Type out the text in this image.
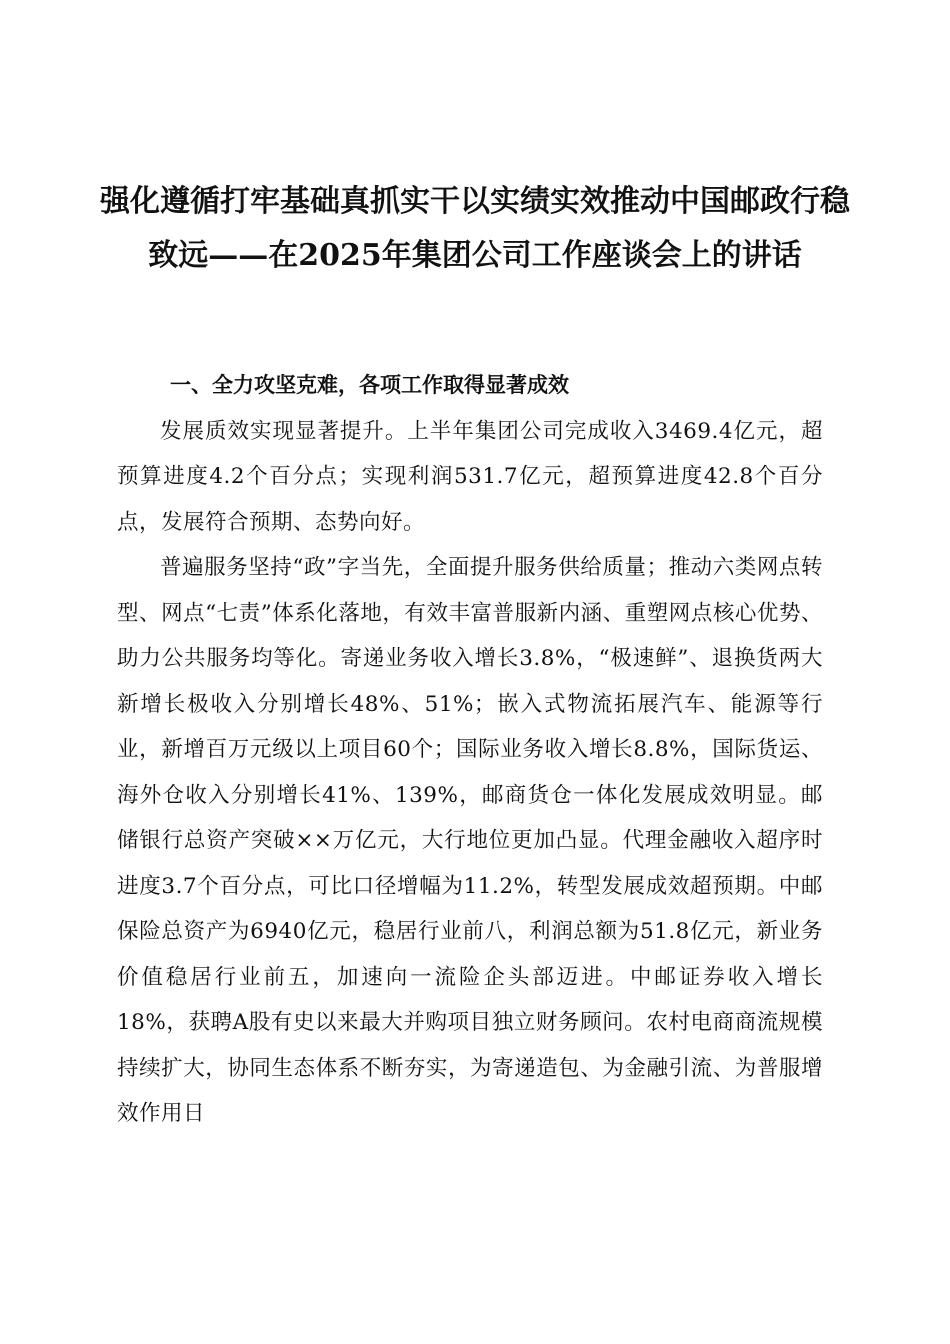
强化遵循打牢基础真抓实干以实绩实效推动中国邮政行稳致远——在2025年集团公司工作座谈会上的讲话
一、全力攻坚克难，各项工作取得显著成效

发展质效实现显著提升。上半年集团公司完成收入3469.4亿元，超预算进度4.2个百分点；实现利润531.7亿元，超预算进度42.8个百分点，发展符合预期、态势向好。

普遍服务坚持“政”字当先，全面提升服务供给质量；推动六类网点转型、网点“七责”体系化落地，有效丰富普服新内涵、重塑网点核心优势、助力公共服务均等化。寄递业务收入增长3.8%，“极速鲜”、退换货两大新增长极收入分别增长48%、51%；嵌入式物流拓展汽车、能源等行业，新增百万元级以上项目60个；国际业务收入增长8.8%，国际货运、海外仓收入分别增长41%、139%，邮商货仓一体化发展成效明显。邮储银行总资产突破××万亿元，大行地位更加凸显。代理金融收入超序时进度3.7个百分点，可比口径增幅为11.2%，转型发展成效超预期。中邮保险总资产为6940亿元，稳居行业前八，利润总额为51.8亿元，新业务价值稳居行业前五，加速向一流险企头部迈进。中邮证券收入增长18%，获聘A股有史以来最大并购项目独立财务顾问。农村电商商流规模持续扩大，协同生态体系不断夯实，为寄递造包、为金融引流、为普服增效作用日
